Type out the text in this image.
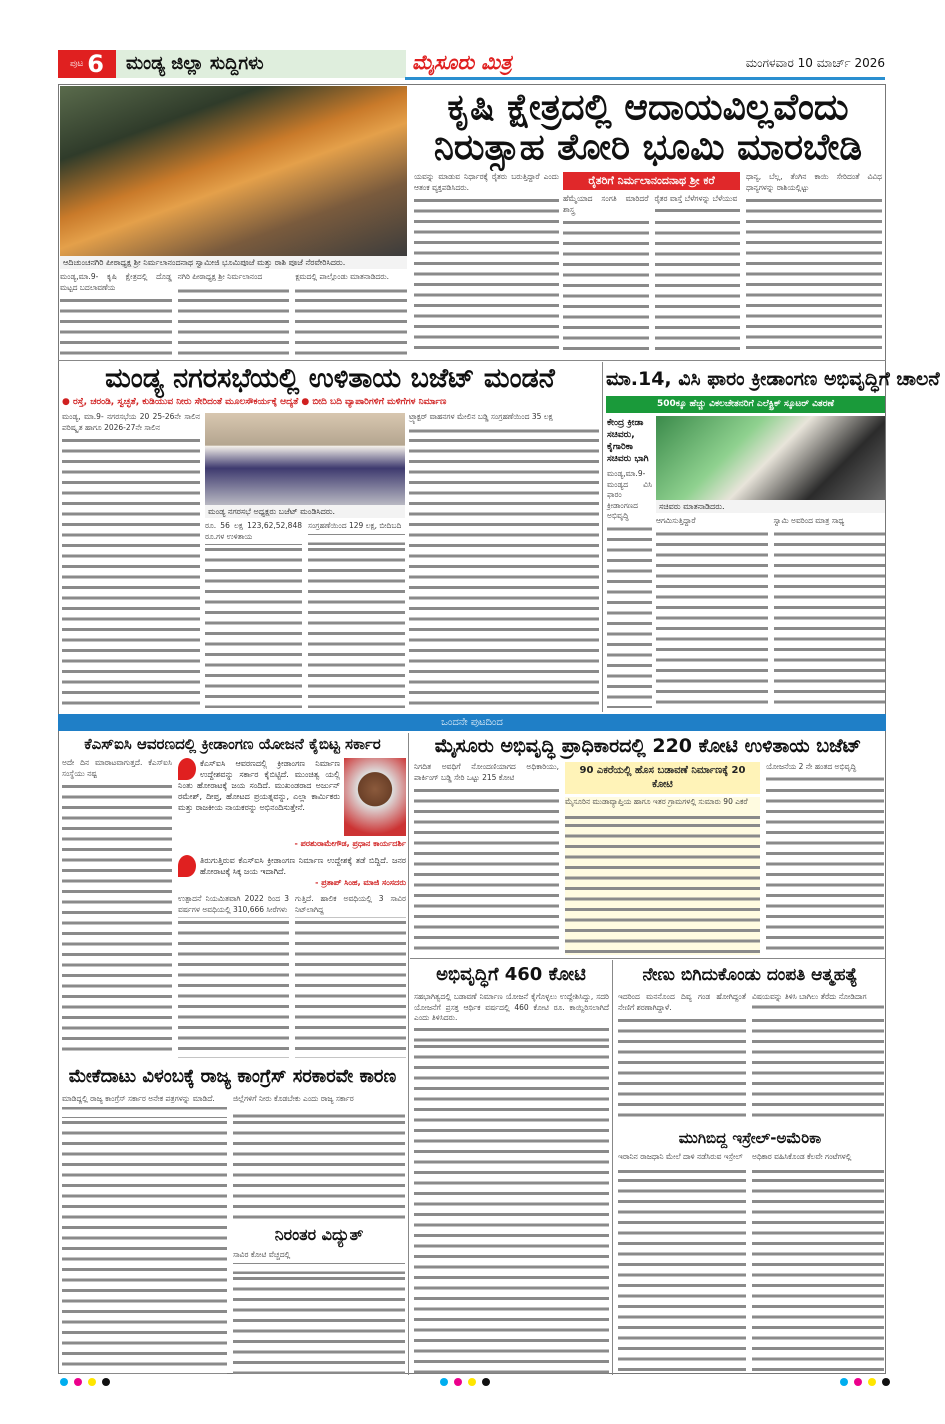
ಪುಟ 6	ಮಂಡ್ಯ ಜಿಲ್ಲಾ ಸುದ್ದಿಗಳು	ಮೈಸೂರು ಮಿತ್ರ	ಮಂಗಳವಾರ 10 ಮಾರ್ಚ್ 2026
ಆದಿಚುಂಚನಗಿರಿ ಪೀಠಾಧ್ಯಕ್ಷ ಶ್ರೀ ನಿರ್ಮಲಾನಂದನಾಥ ಸ್ವಾಮೀಜಿ ಭೂಮಿಪೂಜೆ ಮತ್ತು ರಾಶಿ ಪೂಜೆ ನೆರವೇರಿಸಿದರು.
ಮಂಡ್ಯ,ಮಾ.9- ಕೃಷಿ ಕ್ಷೇತ್ರದಲ್ಲಿ ದೊಡ್ಡ ಮಟ್ಟದ ಬದಲಾವಣೆಯ
ನಗಿರಿ ಪೀಠಾಧ್ಯಕ್ಷ ಶ್ರೀ ನಿರ್ಮಲಾನಂದ	ಕ್ಷಮದಲ್ಲಿ ಪಾಲ್ಗೊಂಡು ಮಾತನಾಡಿದರು.
ಕೃಷಿ ಕ್ಷೇತ್ರದಲ್ಲಿ ಆದಾಯವಿಲ್ಲವೆಂದು
ನಿರುತ್ಸಾಹ ತೋರಿ ಭೂಮಿ ಮಾರಬೇಡಿ
ಯವನ್ನು ಮಾಡುವ ನಿರ್ಧಾರಕ್ಕೆ ರೈತರು ಬರುತ್ತಿದ್ದಾರೆ ಎಂದು ಆತಂಕ ವ್ಯಕ್ತಪಡಿಸಿದರು.	ರೈತರಿಗೆ ನಿರ್ಮಲಾನಂದನಾಥ ಶ್ರೀ ಕರೆ
ಹೆಮ್ಮೆಯಾದ ಸಂಗತಿ ಮಾರಿದರೆ ಶಾಸ್ತ್ರ
ರೈತರ ವಾಸ್ತೆ ಬೆಳೆಗಳನ್ನು ಬೆಳೆಯುವ
ಧಾನ್ಯ, ಬೆಲ್ಲ, ತೆಂಗಿನ ಕಾಯಿ ಸೇರಿದಂತೆ ವಿವಿಧ ಧಾನ್ಯಗಳನ್ನು ರಾಶಿಯಲ್ಲಿಟ್ಟು
ಮಂಡ್ಯ ನಗರಸಭೆಯಲ್ಲಿ ಉಳಿತಾಯ ಬಜೆಟ್ ಮಂಡನೆ
● ರಸ್ತೆ, ಚರಂಡಿ, ಸ್ವಚ್ಛತೆ, ಕುಡಿಯುವ ನೀರು ಸೇರಿದಂತೆ ಮೂಲಸೌಕರ್ಯಕ್ಕೆ ಆದ್ಯತೆ ● ಬೀದಿ ಬದಿ ವ್ಯಾಪಾರಿಗಳಿಗೆ ಮಳಿಗೆಗಳ ನಿರ್ಮಾಣ
ಮಂಡ್ಯ, ಮಾ.9- ನಗರಸಭೆಯ 20 25-26ನೇ ಸಾಲಿನ ಪರಿಷ್ಕೃತ ಹಾಗೂ 2026-27ನೇ ಸಾಲಿನ
ಮಂಡ್ಯ ನಗರಸಭೆ ಅಧ್ಯಕ್ಷರು ಬಜೆಟ್ ಮಂಡಿಸಿದರು.
ರೂ. 56 ಲಕ್ಷ 123,62,52,848 ರೂ.ಗಳ ಉಳಿತಾಯ
ಸಂಗ್ರಹಣೆಯಿಂದ 129 ಲಕ್ಷ, ಬೀದಿಬದಿ
ಟ್ರ್ಯಾಕ್ಟರ್ ವಾಹನಗಳ ಮೇಲಿನ ಬಡ್ಡಿ ಸಂಗ್ರಹಣೆಯಿಂದ 35 ಲಕ್ಷ
ಮಾ.14, ವಿಸಿ ಫಾರಂ ಕ್ರೀಡಾಂಗಣ ಅಭಿವೃದ್ಧಿಗೆ ಚಾಲನೆ
500ಕ್ಕೂ ಹೆಚ್ಚು ವಿಕಲಚೇತನರಿಗೆ ಎಲೆಕ್ಟ್ರಿಕ್ ಸ್ಕೂಟರ್ ವಿತರಣೆ
ಕೇಂದ್ರ ಕ್ರೀಡಾ ಸಚಿವರು, ಕೈಗಾರಿಕಾ ಸಚಿವರು ಭಾಗಿ
ಮಂಡ್ಯ,ಮಾ.9- ಮಂಡ್ಯದ ವಿಸಿ ಫಾರಂ ಕ್ರೀಡಾಂಗಣದ ಅಭಿವೃದ್ಧಿ
ಸಚಿವರು ಮಾತನಾಡಿದರು.
ಆಗಮಿಸುತ್ತಿದ್ದಾರೆ	ಸ್ವಾಮಿ ಅವರಿಂದ ಮಾತ್ರ ಸಾಧ್ಯ
ಒಂದನೇ ಪುಟದಿಂದ
ಕೆಎಸ್‌ಐಸಿ ಆವರಣದಲ್ಲಿ ಕ್ರೀಡಾಂಗಣ ಯೋಜನೆ ಕೈಬಿಟ್ಟ ಸರ್ಕಾರ
ಅದೇ ದಿನ ಮಾರಾಟವಾಗುತ್ತದೆ. ಕೆಎಸ್‌ಐಸಿ ಸಂಸ್ಥೆಯು ನಷ್ಟ
ಕೆಎಸ್‌ಐಸಿ ಆವರಣದಲ್ಲಿ ಕ್ರೀಡಾಂಗಣ ನಿರ್ಮಾಣ ಉದ್ದೇಶವನ್ನು ಸರ್ಕಾರ ಕೈಬಿಟ್ಟಿದೆ. ಮುಂಚಿತ್ವ ಯಲ್ಲಿ ನಿಂತು ಹೋರಾಟಕ್ಕೆ ಜಯ ಸಂದಿದೆ. ಮುಖಂಡರಾದ ಅರ್ಜುನ್ ರಮೇಶ್, ದೀಪ್ತ, ಹೋಟದ ಪ್ರಯತ್ನವನ್ನು, ಎಲ್ಲಾ ಕಾರ್ಮಿಕರು ಮತ್ತು ರಾಜಕೀಯ ನಾಯಕರನ್ನು ಅಭಿನಂದಿಸುತ್ತೇನೆ.
- ಪರಶುರಾಮೇಗೌಡ, ಪ್ರಧಾನ ಕಾರ್ಯದರ್ಶಿ
ತಿರುಗುತ್ತಿರುವ ಕೆಎಸ್‌ಐಸಿ ಕ್ರೀಡಾಂಗಣ ನಿರ್ಮಾಣ ಉದ್ದೇಶಕ್ಕೆ ತಡೆ ಬಿದ್ದಿದೆ. ಜನರ ಹೋರಾಟಕ್ಕೆ ಸಿಕ್ಕ ಜಯ ಇದಾಗಿದೆ.
- ಪ್ರತಾಪ್ ಸಿಂಹ, ಮಾಜಿ ಸಂಸದರು
ಉತ್ಪಾದನೆ ನಿಯಮಿತವಾಗಿ 2022 ರಿಂದ 3 ವರ್ಷಗಳ ಅವಧಿಯಲ್ಲಿ 310,666 ಸೀರೆಗಳು
ಗುತ್ತಿದೆ. ಹಾಲಿಕ ಅವಧಿಯಲ್ಲಿ 3 ಸಾವಿರ ನಿಟ್‌ಲಾಗಿದ್ದ
ಮೇಕೆದಾಟು ವಿಳಂಬಕ್ಕೆ ರಾಜ್ಯ ಕಾಂಗ್ರೆಸ್ ಸರಕಾರವೇ ಕಾರಣ
ಮಾಡಿದ್ದಲ್ಲಿ ರಾಜ್ಯ ಕಾಂಗ್ರೆಸ್ ಸರ್ಕಾರ ಅನೇಕ ಪತ್ರಗಳನ್ನು ಮಾಡಿದೆ.	ಜಿಲ್ಲೆಗಳಿಗೆ ನೀರು ಕೊಡಬೇಕು ಎಂದು ರಾಜ್ಯ ಸರ್ಕಾರ
ನಿರಂತರ ವಿದ್ಯುತ್
ಸಾವಿರ ಕೋಟಿ ವೆಚ್ಚದಲ್ಲಿ
ಮೈಸೂರು ಅಭಿವೃದ್ಧಿ ಪ್ರಾಧಿಕಾರದಲ್ಲಿ 220 ಕೋಟಿ ಉಳಿತಾಯ ಬಜೆಟ್
ನಿಗದಿತ ಅವಧಿಗೆ ನೋಂದಣಿಯಾಗದ ಅಧಿಕಾರಿಯು, ಪಾರ್ಕಿಂಗ್ ಬಡ್ಡಿ ಸೇರಿ ಒಟ್ಟು 215 ಕೋಟಿ
90 ಎಕರೆಯಲ್ಲಿ ಹೊಸ ಬಡಾವಣೆ ನಿರ್ಮಾಣಕ್ಕೆ 20 ಕೋಟಿ
ಮೈಸೂರಿನ ಮುಡಾವ್ಯಾಪ್ತಿಯ ಹಾಗೂ ಇತರ ಗ್ರಾಮಗಳಲ್ಲಿ ಸುಮಾರು 90 ಎಕರೆ
ಯೋಜನೆಯ 2 ನೇ ಹಂತದ ಅಭಿವೃದ್ಧಿ
ಅಭಿವೃದ್ಧಿಗೆ 460 ಕೋಟಿ
ಸಹಭಾಗಿತ್ವದಲ್ಲಿ ಬಡಾವಣೆ ನಿರ್ಮಾಣ ಯೋಜನೆ ಕೈಗೊಳ್ಳಲು ಉದ್ದೇಶಿಸಿದ್ದು, ಸದರಿ ಯೋಜನೆಗೆ ಪ್ರಸಕ್ತ ಆರ್ಥಿಕ ವರ್ಷದಲ್ಲಿ 460 ಕೋಟಿ ರೂ. ಕಾಯ್ದಿರಿಸಲಾಗಿದೆ ಎಂದು ತಿಳಿಸಿದರು.
ನೇಣು ಬಿಗಿದುಕೊಂಡು ದಂಪತಿ ಆತ್ಮಹತ್ಯೆ
ಇದರಿಂದ ಮನನೊಂದ ದಿವ್ಯ ಗಂಡ ಹೋಗಿದ್ದಂತೆ ನೇಣಿಗೆ ಶರಣಾಗಿದ್ದಾಳೆ.
ವಿಷಯವನ್ನು ತಿಳಿಸಿ ಬಾಗಿಲು ತೆರೆದು ನೋಡಿದಾಗ
ಮುಗಿಬಿದ್ದ ಇಸ್ರೇಲ್-ಅಮೆರಿಕಾ
ಇರಾನಿನ ರಾಜಧಾನಿ ಮೇಲೆ ದಾಳಿ ನಡೆಸಿರುವ ಇಸ್ರೇಲ್	ಅಧಿಕಾರ ವಹಿಸಿಕೊಂಡ ಕೆಲವೇ ಗಂಟೆಗಳಲ್ಲಿ
